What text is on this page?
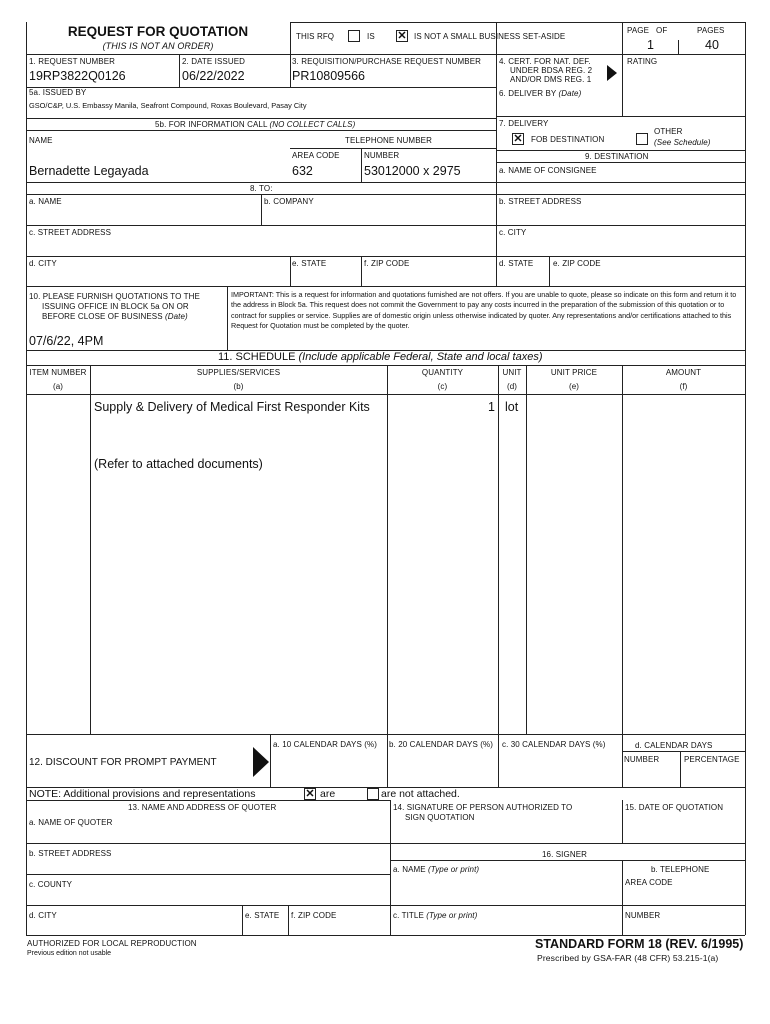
REQUEST FOR QUOTATION
(THIS IS NOT AN ORDER)
THIS RFQ	IS ✕ IS NOT A SMALL BUSINESS SET-ASIDE
PAGE OF	PAGES
1	40
1. REQUEST NUMBER
19RP3822Q0126
2. DATE ISSUED
06/22/2022
3. REQUISITION/PURCHASE REQUEST NUMBER
PR10809566
4. CERT. FOR NAT. DEF.
UNDER BDSA REG. 2
AND/OR DMS REG. 1
RATING
5a. ISSUED BY
GSO/C&P, U.S. Embassy Manila, Seafront Compound, Roxas Boulevard, Pasay City
6. DELIVER BY (Date)
5b. FOR INFORMATION CALL (NO COLLECT CALLS)
NAME	TELEPHONE NUMBER
AREA CODE	NUMBER
Bernadette Legayada	632	53012000 x 2975
7. DELIVERY
✕ FOB DESTINATION
OTHER
(See Schedule)
9. DESTINATION
a. NAME OF CONSIGNEE
8. TO:
a. NAME	b. COMPANY	b. STREET ADDRESS
c. STREET ADDRESS	c. CITY
d. CITY	e. STATE	f. ZIP CODE	d. STATE e. ZIP CODE
10. PLEASE FURNISH QUOTATIONS TO THE
ISSUING OFFICE IN BLOCK 5a ON OR
BEFORE CLOSE OF BUSINESS (Date)
07/6/22, 4PM
IMPORTANT: This is a request for information and quotations furnished are not offers. If you are unable to quote, please so indicate on this form and return it to the address in Block 5a. This request does not commit the Government to pay any costs incurred in the preparation of the submission of this quotation or to contract for supplies or service. Supplies are of domestic origin unless otherwise indicated by quoter. Any representations and/or certifications attached to this Request for Quotation must be completed by the quoter.
11. SCHEDULE (Include applicable Federal, State and local taxes)
ITEM NUMBER
(a)
SUPPLIES/SERVICES
(b)
QUANTITY
(c)
UNIT
(d)
UNIT PRICE
(e)
AMOUNT
(f)
Supply & Delivery of Medical First Responder Kits
(Refer to attached documents)
1 lot
12. DISCOUNT FOR PROMPT PAYMENT
a. 10 CALENDAR DAYS (%) b. 20 CALENDAR DAYS (%) c. 30 CALENDAR DAYS (%)	d. CALENDAR DAYS
NUMBER	PERCENTAGE
NOTE: Additional provisions and representations	✕ are	are not attached.
13. NAME AND ADDRESS OF QUOTER
a. NAME OF QUOTER
b. STREET ADDRESS
c. COUNTY
d. CITY	e. STATE f. ZIP CODE
14. SIGNATURE OF PERSON AUTHORIZED TO
SIGN QUOTATION
15. DATE OF QUOTATION
16. SIGNER
a. NAME (Type or print)	b. TELEPHONE
AREA CODE
c. TITLE (Type or print)	NUMBER
AUTHORIZED FOR LOCAL REPRODUCTION
Previous edition not usable
STANDARD FORM 18 (REV. 6/1995)
Prescribed by GSA-FAR (48 CFR) 53.215-1(a)
